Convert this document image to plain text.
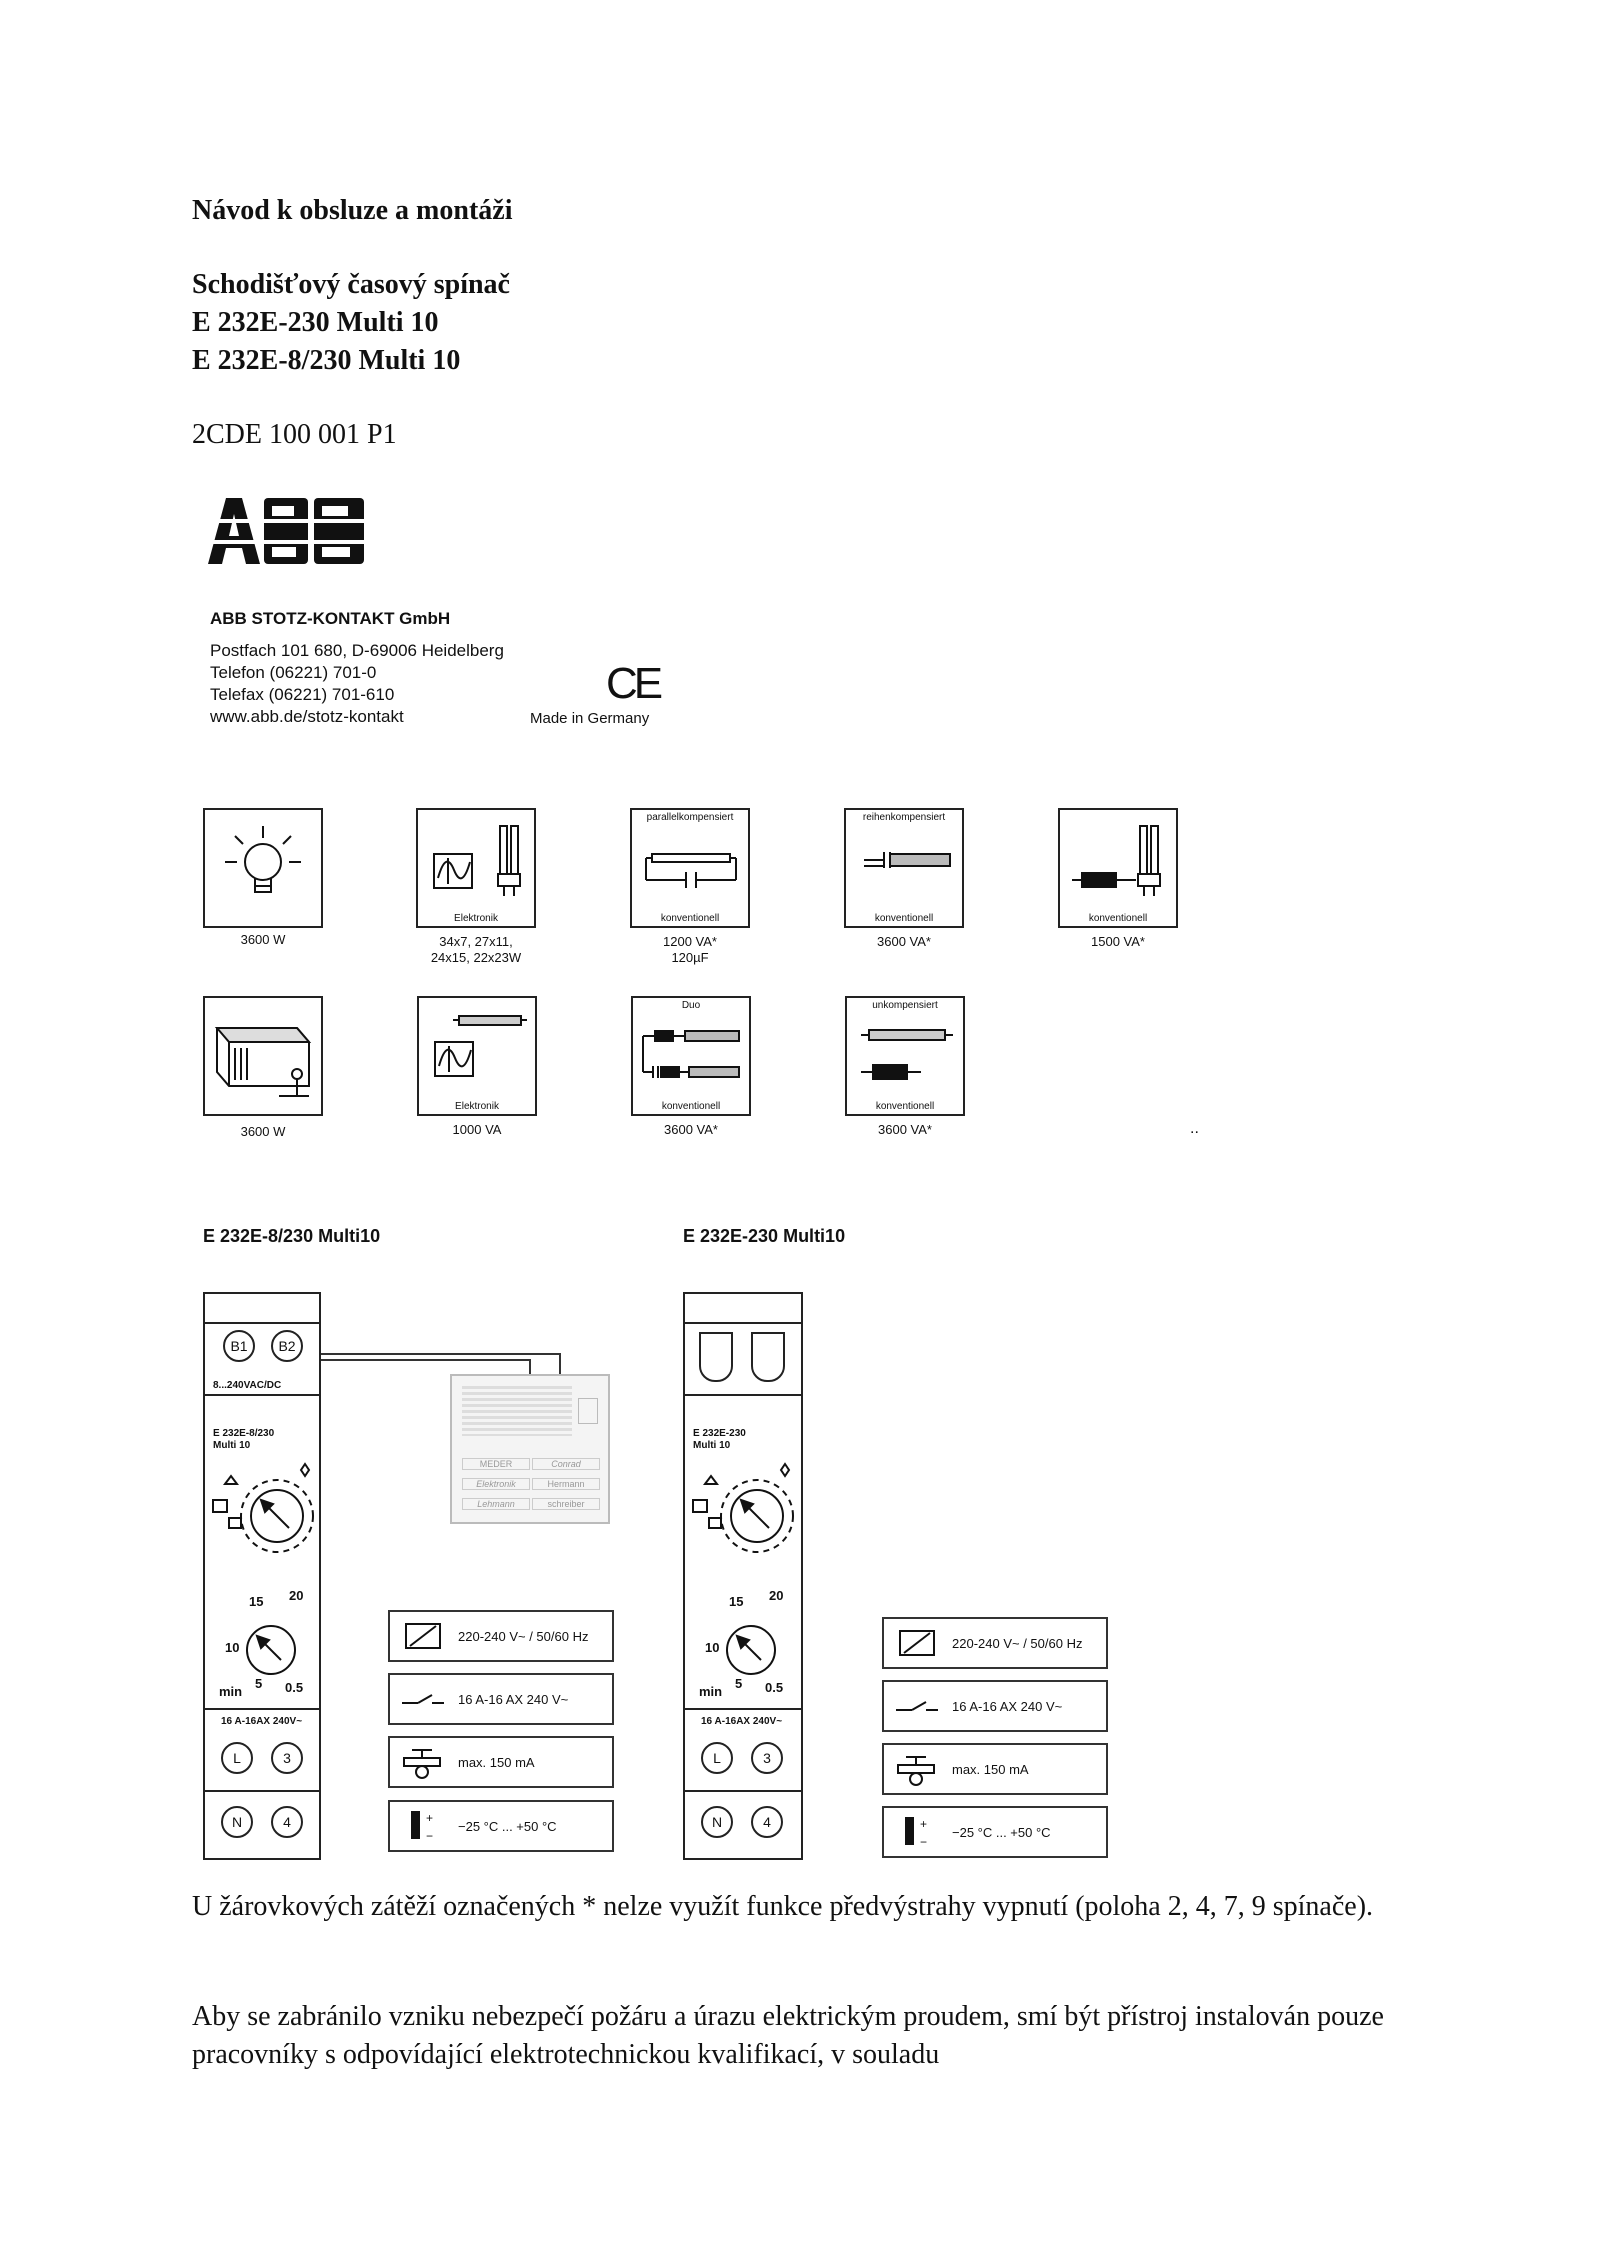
Návod k obsluze a montáži
Schodišťový časový spínač
E 232E-230 Multi 10
E 232E-8/230 Multi 10
2CDE 100 001 P1
ABB STOTZ-KONTAKT GmbH
Postfach 101 680, D-69006 Heidelberg
Telefon (06221) 701-0
Telefax (06221) 701-610
www.abb.de/stotz-kontakt
CE
Made in Germany
Elektronik
parallelkompensiert
konventionell
reihenkompensiert
konventionell	konventionell
3600 W	34x7, 27x11,
24x15, 22x23W
1200 VA*
120µF
3600 VA*	1500 VA*
Elektronik
Duo
konventionell
unkompensiert
konventionell
3600 W	1000 VA	3600 VA*	3600 VA*	..
E 232E-8/230 Multi10	E 232E-230 Multi10
B1	B2
8...240VAC/DC
E 232E-8/230
Multi 10
15 20
10
min
5 0.5
16 A-16AX 240V~
L	3
N	4
MEDER	Conrad
Elektronik	Hermann
Lehmann	schreiber
220-240 V~ / 50/60 Hz
16 A-16 AX 240 V~
max. 150 mA
+
−
−25 °C ... +50 °C
E 232E-230
Multi 10
15 20
10
min
5 0.5
16 A-16AX 240V~
L	3
N	4
220-240 V~ / 50/60 Hz
16 A-16 AX 240 V~
max. 150 mA
+
−
−25 °C ... +50 °C
U žárovkových zátěží označených * nelze využít funkce předvýstrahy vypnutí (poloha 2, 4, 7, 9 spínače).
Aby se zabránilo vzniku nebezpečí požáru a úrazu elektrickým proudem, smí být přístroj instalován pouze pracovníky s odpovídající elektrotechnickou kvalifikací, v souladu
